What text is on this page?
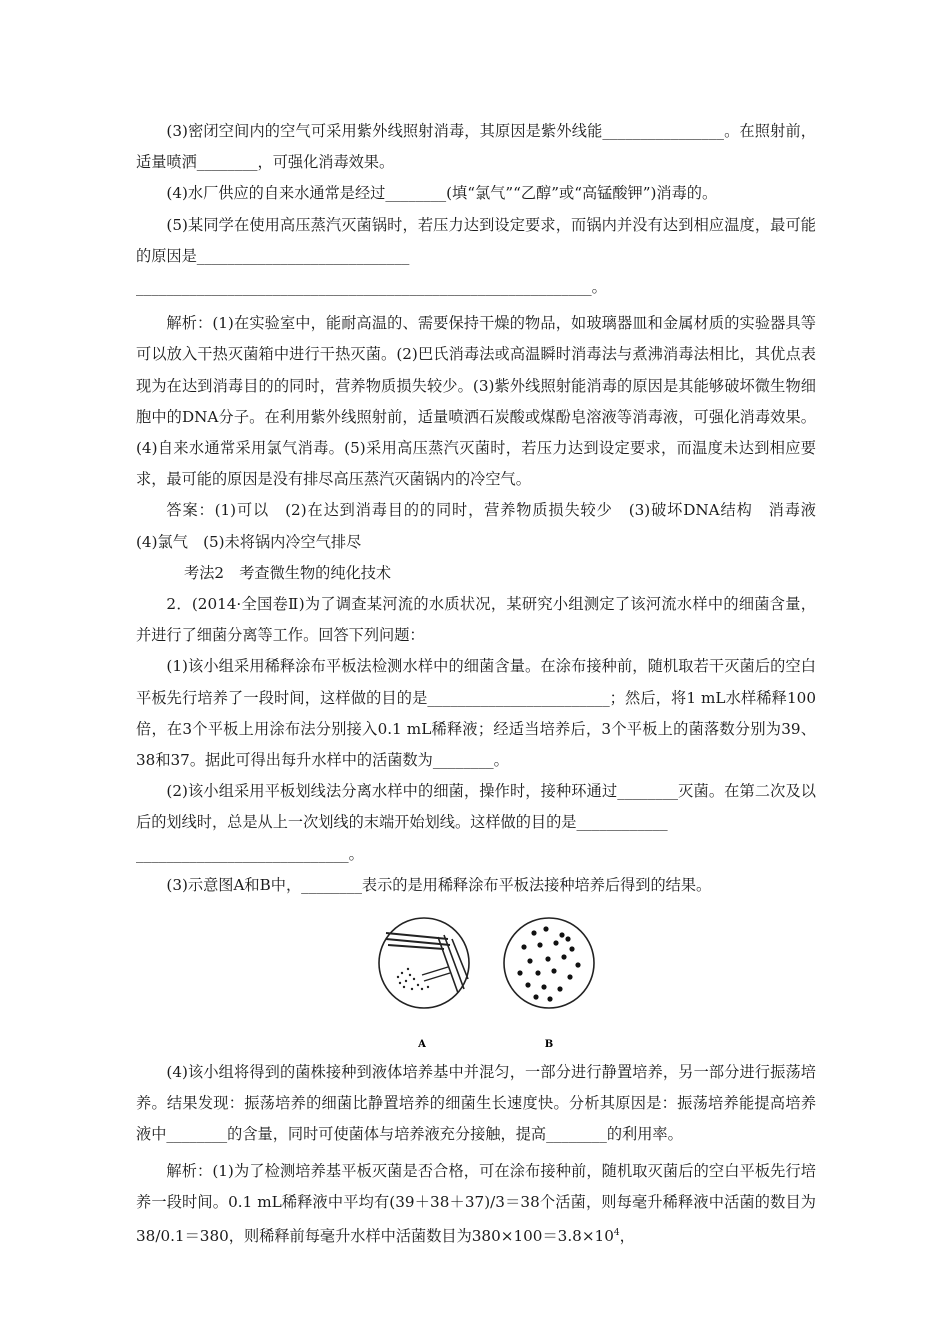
(3)密闭空间内的空气可采用紫外线照射消毒，其原因是紫外线能________________。在照射前，适量喷洒________，可强化消毒效果。

(4)水厂供应的自来水通常是经过________(填“氯气”“乙醇”或“高锰酸钾”)消毒的。

(5)某同学在使用高压蒸汽灭菌锅时，若压力达到设定要求，而锅内并没有达到相应温度，最可能的原因是____________________________

____________________________________________________________。

解析：(1)在实验室中，能耐高温的、需要保持干燥的物品，如玻璃器皿和金属材质的实验器具等可以放入干热灭菌箱中进行干热灭菌。(2)巴氏消毒法或高温瞬时消毒法与煮沸消毒法相比，其优点表现为在达到消毒目的的同时，营养物质损失较少。(3)紫外线照射能消毒的原因是其能够破坏微生物细胞中的DNA分子。在利用紫外线照射前，适量喷洒石炭酸或煤酚皂溶液等消毒液，可强化消毒效果。(4)自来水通常采用氯气消毒。(5)采用高压蒸汽灭菌时，若压力达到设定要求，而温度未达到相应要求，最可能的原因是没有排尽高压蒸汽灭菌锅内的冷空气。

答案：(1)可以　(2)在达到消毒目的的同时，营养物质损失较少　(3)破坏DNA结构　消毒液　(4)氯气　(5)未将锅内冷空气排尽

考法2　考查微生物的纯化技术

2．(2014·全国卷Ⅱ)为了调查某河流的水质状况，某研究小组测定了该河流水样中的细菌含量，并进行了细菌分离等工作。回答下列问题：

(1)该小组采用稀释涂布平板法检测水样中的细菌含量。在涂布接种前，随机取若干灭菌后的空白平板先行培养了一段时间，这样做的目的是________________________；然后，将1 mL水样稀释100倍，在3个平板上用涂布法分别接入0.1 mL稀释液；经适当培养后，3个平板上的菌落数分别为39、38和37。据此可得出每升水样中的活菌数为________。

(2)该小组采用平板划线法分离水样中的细菌，操作时，接种环通过________灭菌。在第二次及以后的划线时，总是从上一次划线的末端开始划线。这样做的目的是____________

____________________________。

(3)示意图A和B中，________表示的是用稀释涂布平板法接种培养后得到的结果。

A	B

(4)该小组将得到的菌株接种到液体培养基中并混匀，一部分进行静置培养，另一部分进行振荡培养。结果发现：振荡培养的细菌比静置培养的细菌生长速度快。分析其原因是：振荡培养能提高培养液中________的含量，同时可使菌体与培养液充分接触，提高________的利用率。

解析：(1)为了检测培养基平板灭菌是否合格，可在涂布接种前，随机取灭菌后的空白平板先行培养一段时间。0.1 mL稀释液中平均有(39＋38＋37)/3＝38个活菌，则每毫升稀释液中活菌的数目为38/0.1＝380，则稀释前每毫升水样中活菌数目为$380\times 100=3.8\times 10^4$，
